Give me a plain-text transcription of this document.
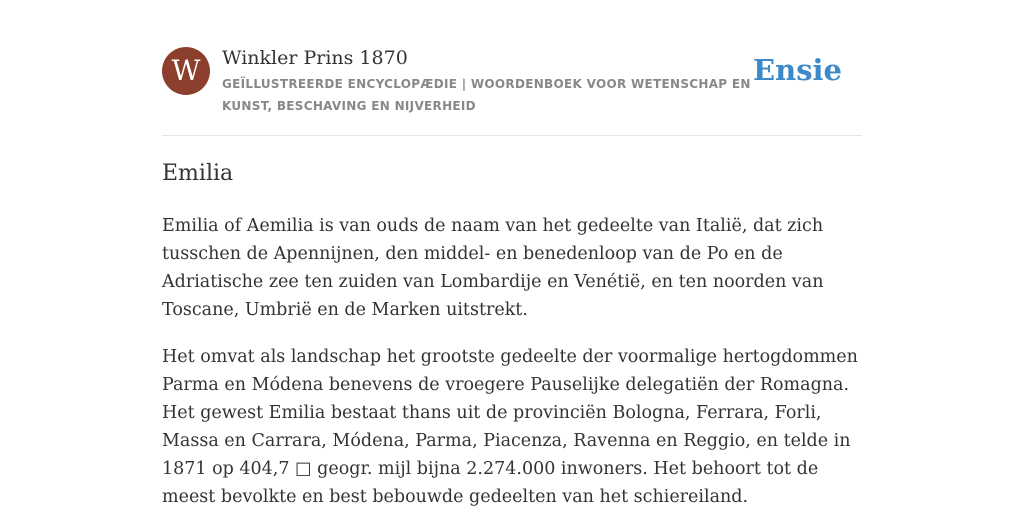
W	Winkler Prins 1870
GEÏLLUSTREERDE ENCYCLOPÆDIE | WOORDENBOEK VOOR WETENSCHAP EN KUNST, BESCHAVING EN NIJVERHEID
Ensie
Emilia

Emilia of Aemilia is van ouds de naam van het gedeelte van Italië, dat zich tusschen de Apennijnen, den middel- en benedenloop van de Po en de Adriatische zee ten zuiden van Lombardije en Venétië, en ten noorden van Toscane, Umbrië en de Marken uitstrekt.

Het omvat als landschap het grootste gedeelte der voormalige hertogdommen Parma en Módena benevens de vroegere Pauselijke delegatiën der Romagna. Het gewest Emilia bestaat thans uit de provinciën Bologna, Ferrara, Forli, Massa en Carrara, Módena, Parma, Piacenza, Ravenna en Reggio, en telde in 1871 op 404,7 □ geogr. mijl bijna 2.274.000 inwoners. Het behoort tot de meest bevolkte en best bebouwde gedeelten van het schiereiland.
